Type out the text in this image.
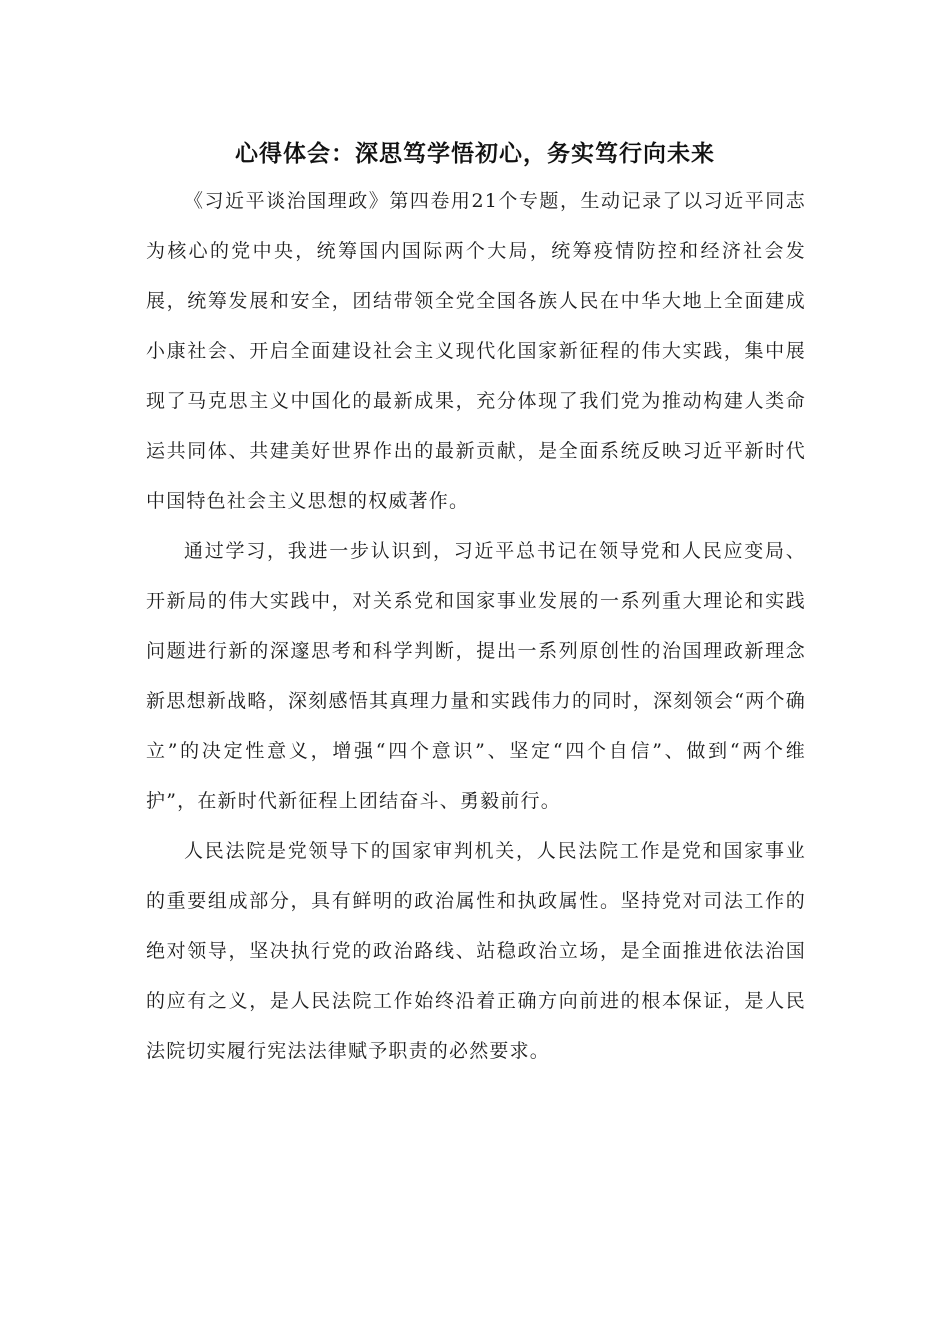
心得体会：深思笃学悟初心，务实笃行向未来

《习近平谈治国理政》第四卷用21个专题，生动记录了以习近平同志为核心的党中央，统筹国内国际两个大局，统筹疫情防控和经济社会发展，统筹发展和安全，团结带领全党全国各族人民在中华大地上全面建成小康社会、开启全面建设社会主义现代化国家新征程的伟大实践，集中展现了马克思主义中国化的最新成果，充分体现了我们党为推动构建人类命运共同体、共建美好世界作出的最新贡献，是全面系统反映习近平新时代中国特色社会主义思想的权威著作。

通过学习，我进一步认识到，习近平总书记在领导党和人民应变局、开新局的伟大实践中，对关系党和国家事业发展的一系列重大理论和实践问题进行新的深邃思考和科学判断，提出一系列原创性的治国理政新理念新思想新战略，深刻感悟其真理力量和实践伟力的同时，深刻领会“两个确立”的决定性意义，增强“四个意识”、坚定“四个自信”、做到“两个维护”，在新时代新征程上团结奋斗、勇毅前行。

人民法院是党领导下的国家审判机关，人民法院工作是党和国家事业的重要组成部分，具有鲜明的政治属性和执政属性。坚持党对司法工作的绝对领导，坚决执行党的政治路线、站稳政治立场，是全面推进依法治国的应有之义，是人民法院工作始终沿着正确方向前进的根本保证，是人民法院切实履行宪法法律赋予职责的必然要求。
